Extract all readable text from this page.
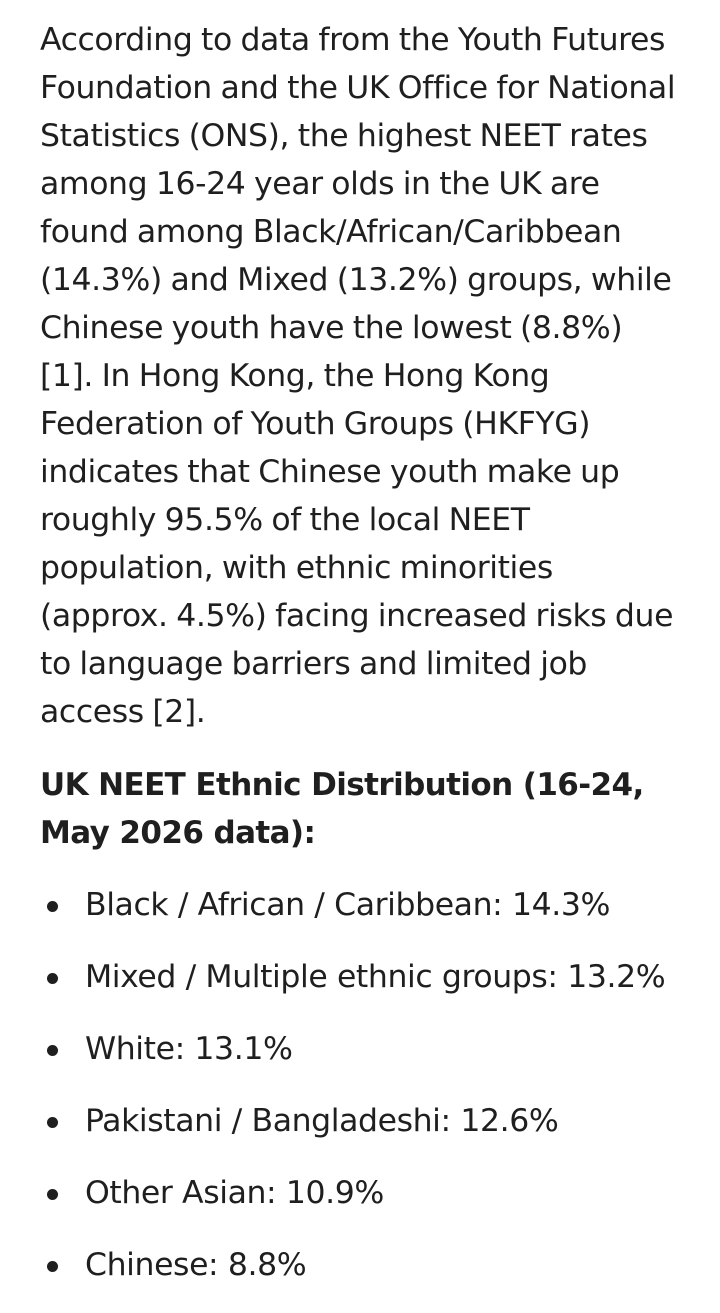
According to data from the Youth Futures Foundation and the UK Office for National Statistics (ONS), the highest NEET rates among 16-24 year olds in the UK are found among Black/African/Caribbean (14.3%) and Mixed (13.2%) groups, while Chinese youth have the lowest (8.8%) [1]. In Hong Kong, the Hong Kong Federation of Youth Groups (HKFYG) indicates that Chinese youth make up roughly 95.5% of the local NEET population, with ethnic minorities (approx. 4.5%) facing increased risks due to language barriers and limited job access [2].

UK NEET Ethnic Distribution (16-24, May 2026 data):
Black / African / Caribbean: 14.3%
Mixed / Multiple ethnic groups: 13.2%
White: 13.1%
Pakistani / Bangladeshi: 12.6%
Other Asian: 10.9%
Chinese: 8.8%
